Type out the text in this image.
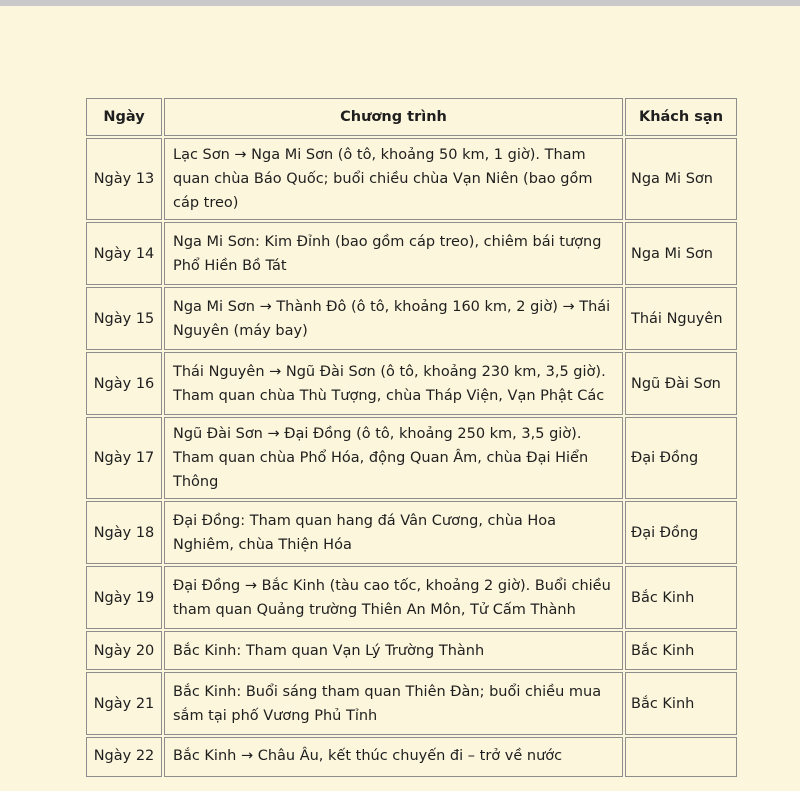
Ngày	Chương trình	Khách sạn
Ngày 13	Lạc Sơn → Nga Mi Sơn (ô tô, khoảng 50 km, 1 giờ). Tham quan chùa Báo Quốc; buổi chiều chùa Vạn Niên (bao gồm cáp treo)	Nga Mi Sơn
Ngày 14	Nga Mi Sơn: Kim Đỉnh (bao gồm cáp treo), chiêm bái tượng Phổ Hiền Bồ Tát	Nga Mi Sơn
Ngày 15	Nga Mi Sơn → Thành Đô (ô tô, khoảng 160 km, 2 giờ) → Thái Nguyên (máy bay)	Thái Nguyên
Ngày 16	Thái Nguyên → Ngũ Đài Sơn (ô tô, khoảng 230 km, 3,5 giờ). Tham quan chùa Thù Tượng, chùa Tháp Viện, Vạn Phật Các	Ngũ Đài Sơn
Ngày 17	Ngũ Đài Sơn → Đại Đồng (ô tô, khoảng 250 km, 3,5 giờ). Tham quan chùa Phổ Hóa, động Quan Âm, chùa Đại Hiển Thông	Đại Đồng
Ngày 18	Đại Đồng: Tham quan hang đá Vân Cương, chùa Hoa Nghiêm, chùa Thiện Hóa	Đại Đồng
Ngày 19	Đại Đồng → Bắc Kinh (tàu cao tốc, khoảng 2 giờ). Buổi chiều tham quan Quảng trường Thiên An Môn, Tử Cấm Thành	Bắc Kinh
Ngày 20	Bắc Kinh: Tham quan Vạn Lý Trường Thành	Bắc Kinh
Ngày 21	Bắc Kinh: Buổi sáng tham quan Thiên Đàn; buổi chiều mua sắm tại phố Vương Phủ Tỉnh	Bắc Kinh
Ngày 22	Bắc Kinh → Châu Âu, kết thúc chuyến đi – trở về nước	
